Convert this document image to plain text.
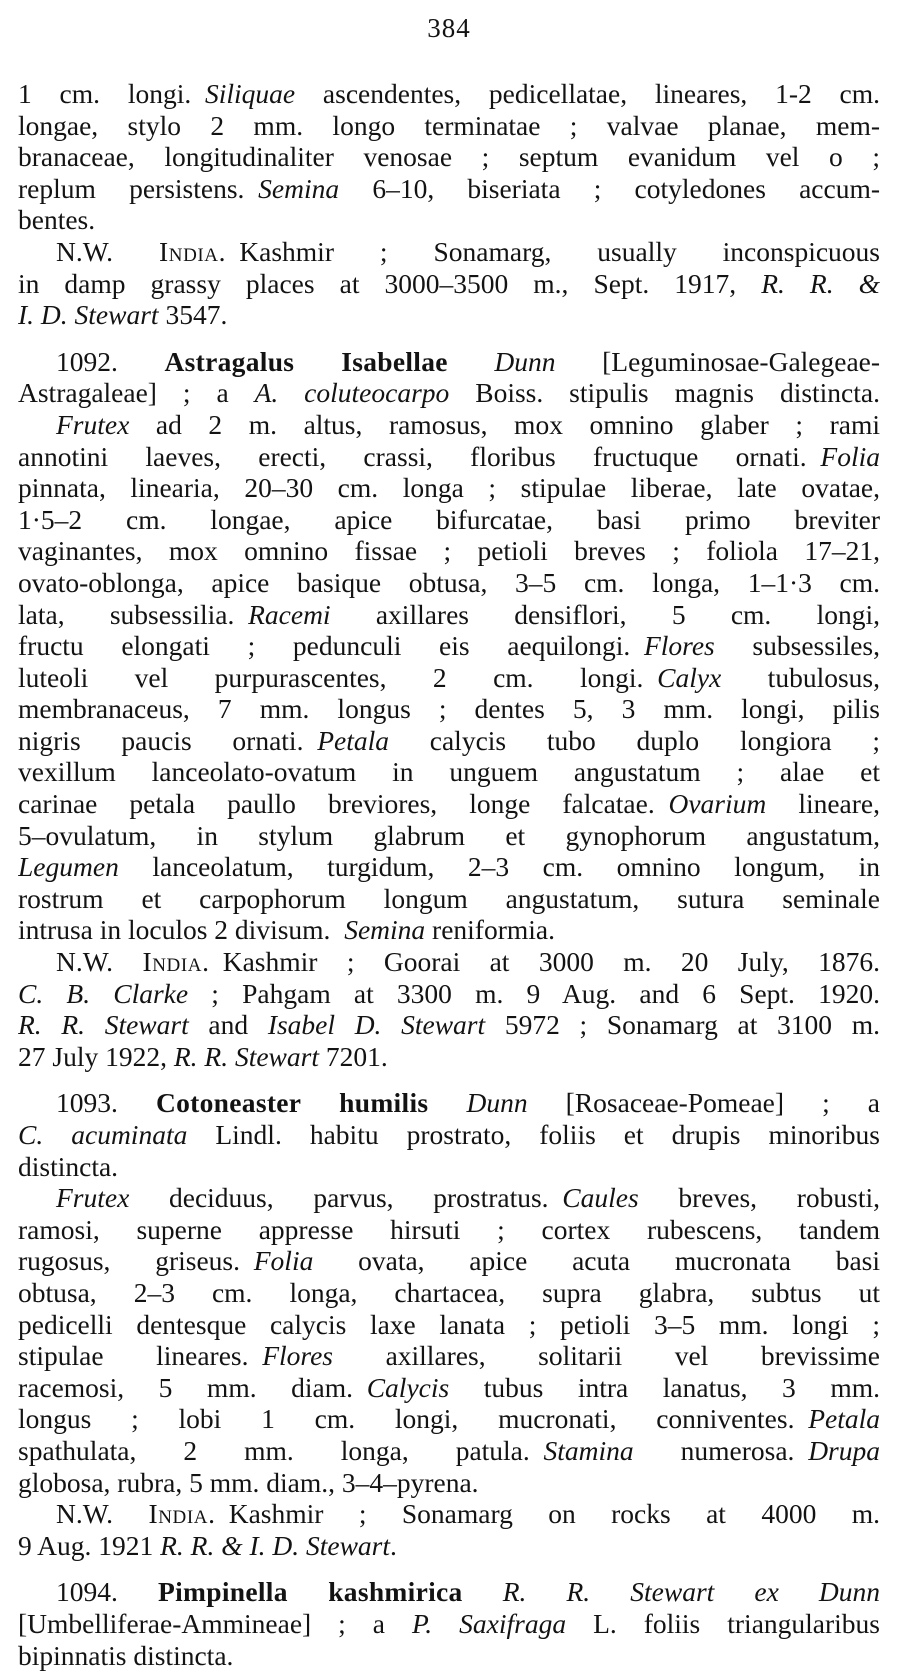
384
1 cm. longi. Siliquae ascendentes, pedicellatae, lineares, 1-2 cm.
longae, stylo 2 mm. longo terminatae ; valvae planae, mem-
branaceae, longitudinaliter venosae ; septum evanidum vel o ;
replum persistens. Semina 6–10, biseriata ; cotyledones accum-
bentes.
N.W. India. Kashmir ; Sonamarg, usually inconspicuous
in damp grassy places at 3000–3500 m., Sept. 1917, R. R. &
I. D. Stewart 3547.
1092. Astragalus Isabellae Dunn [Leguminosae-Galegeae-
Astragaleae] ; a A. coluteocarpo Boiss. stipulis magnis distincta.
Frutex ad 2 m. altus, ramosus, mox omnino glaber ; rami
annotini laeves, erecti, crassi, floribus fructuque ornati. Folia
pinnata, linearia, 20–30 cm. longa ; stipulae liberae, late ovatae,
1·5–2 cm. longae, apice bifurcatae, basi primo breviter
vaginantes, mox omnino fissae ; petioli breves ; foliola 17–21,
ovato-oblonga, apice basique obtusa, 3–5 cm. longa, 1–1·3 cm.
lata, subsessilia. Racemi axillares densiflori, 5 cm. longi,
fructu elongati ; pedunculi eis aequilongi. Flores subsessiles,
luteoli vel purpurascentes, 2 cm. longi. Calyx tubulosus,
membranaceus, 7 mm. longus ; dentes 5, 3 mm. longi, pilis
nigris paucis ornati. Petala calycis tubo duplo longiora ;
vexillum lanceolato-ovatum in unguem angustatum ; alae et
carinae petala paullo breviores, longe falcatae. Ovarium lineare,
5–ovulatum, in stylum glabrum et gynophorum angustatum,
Legumen lanceolatum, turgidum, 2–3 cm. omnino longum, in
rostrum et carpophorum longum angustatum, sutura seminale
intrusa in loculos 2 divisum. Semina reniformia.
N.W. India. Kashmir ; Goorai at 3000 m. 20 July, 1876.
C. B. Clarke ; Pahgam at 3300 m. 9 Aug. and 6 Sept. 1920.
R. R. Stewart and Isabel D. Stewart 5972 ; Sonamarg at 3100 m.
27 July 1922, R. R. Stewart 7201.
1093. Cotoneaster humilis Dunn [Rosaceae-Pomeae] ; a
C. acuminata Lindl. habitu prostrato, foliis et drupis minoribus
distincta.
Frutex deciduus, parvus, prostratus. Caules breves, robusti,
ramosi, superne appresse hirsuti ; cortex rubescens, tandem
rugosus, griseus. Folia ovata, apice acuta mucronata basi
obtusa, 2–3 cm. longa, chartacea, supra glabra, subtus ut
pedicelli dentesque calycis laxe lanata ; petioli 3–5 mm. longi ;
stipulae lineares. Flores axillares, solitarii vel brevissime
racemosi, 5 mm. diam. Calycis tubus intra lanatus, 3 mm.
longus ; lobi 1 cm. longi, mucronati, conniventes. Petala
spathulata, 2 mm. longa, patula. Stamina numerosa. Drupa
globosa, rubra, 5 mm. diam., 3–4–pyrena.
N.W. India. Kashmir ; Sonamarg on rocks at 4000 m.
9 Aug. 1921 R. R. & I. D. Stewart.
1094. Pimpinella kashmirica R. R. Stewart ex Dunn
[Umbelliferae-Ammineae] ; a P. Saxifraga L. foliis triangularibus
bipinnatis distincta.
